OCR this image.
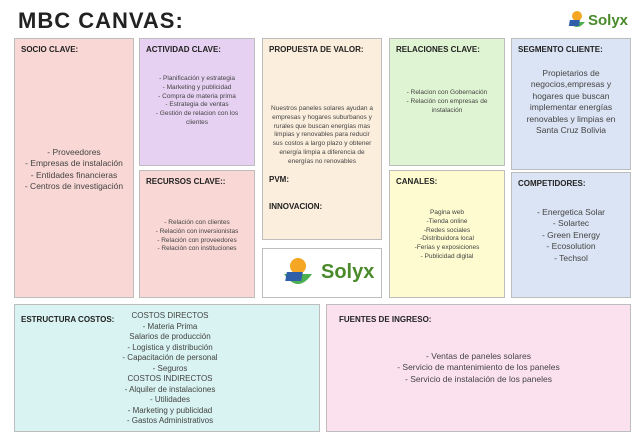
MBC CANVAS:	Solyx
SOCIO CLAVE:
- Proveedores
- Empresas de instalación
- Entidades financieras
- Centros de investigación
ACTIVIDAD CLAVE:
- Planificación y estrategia
- Marketing y publicidad
- Compra de materia prima
- Estrategia de ventas
- Gestión de relacion con los
clientes
RECURSOS CLAVE::
- Relación con clientes
- Relación con inversionistas
- Relación con proveedores
- Relación con instituciones
PROPUESTA DE VALOR:
Nuestros paneles solares ayudan a
empresas y hogares suburbanos y
rurales que buscan energías mas
limpias y renovables para reducir
sus costos a largo plazo y obtener
energía limpia a diferencia de
energías no renovables
PVM:
INNOVACION:
Solyx
RELACIONES CLAVE:
- Relacion con Gobernación
- Relación con empresas de
instalación
CANALES:
Pagina web
-Tienda online
-Redes sociales
-Distribuidora local
-Ferias y exposiciones
- Publicidad digital
SEGMENTO CLIENTE:
Propietarios de
negocios,empresas y
hogares que buscan
implementar energías
renovables y limpias en
Santa Cruz Bolivia
COMPETIDORES:
- Energetica Solar
- Solartec
- Green Energy
- Ecosolution
- Techsol
ESTRUCTURA COSTOS:	COSTOS DIRECTOS
- Materia Prima
Salarios de producción
- Logistica y distribución
- Capacitación de personal
- Seguros
COSTOS INDIRECTOS
- Alquiler de instalaciones
- Utilidades
- Marketing y publicidad
- Gastos Administrativos
FUENTES DE INGRESO:
- Ventas de paneles solares
- Servicio de mantenimiento de los paneles
- Servicio de instalación de los paneles
